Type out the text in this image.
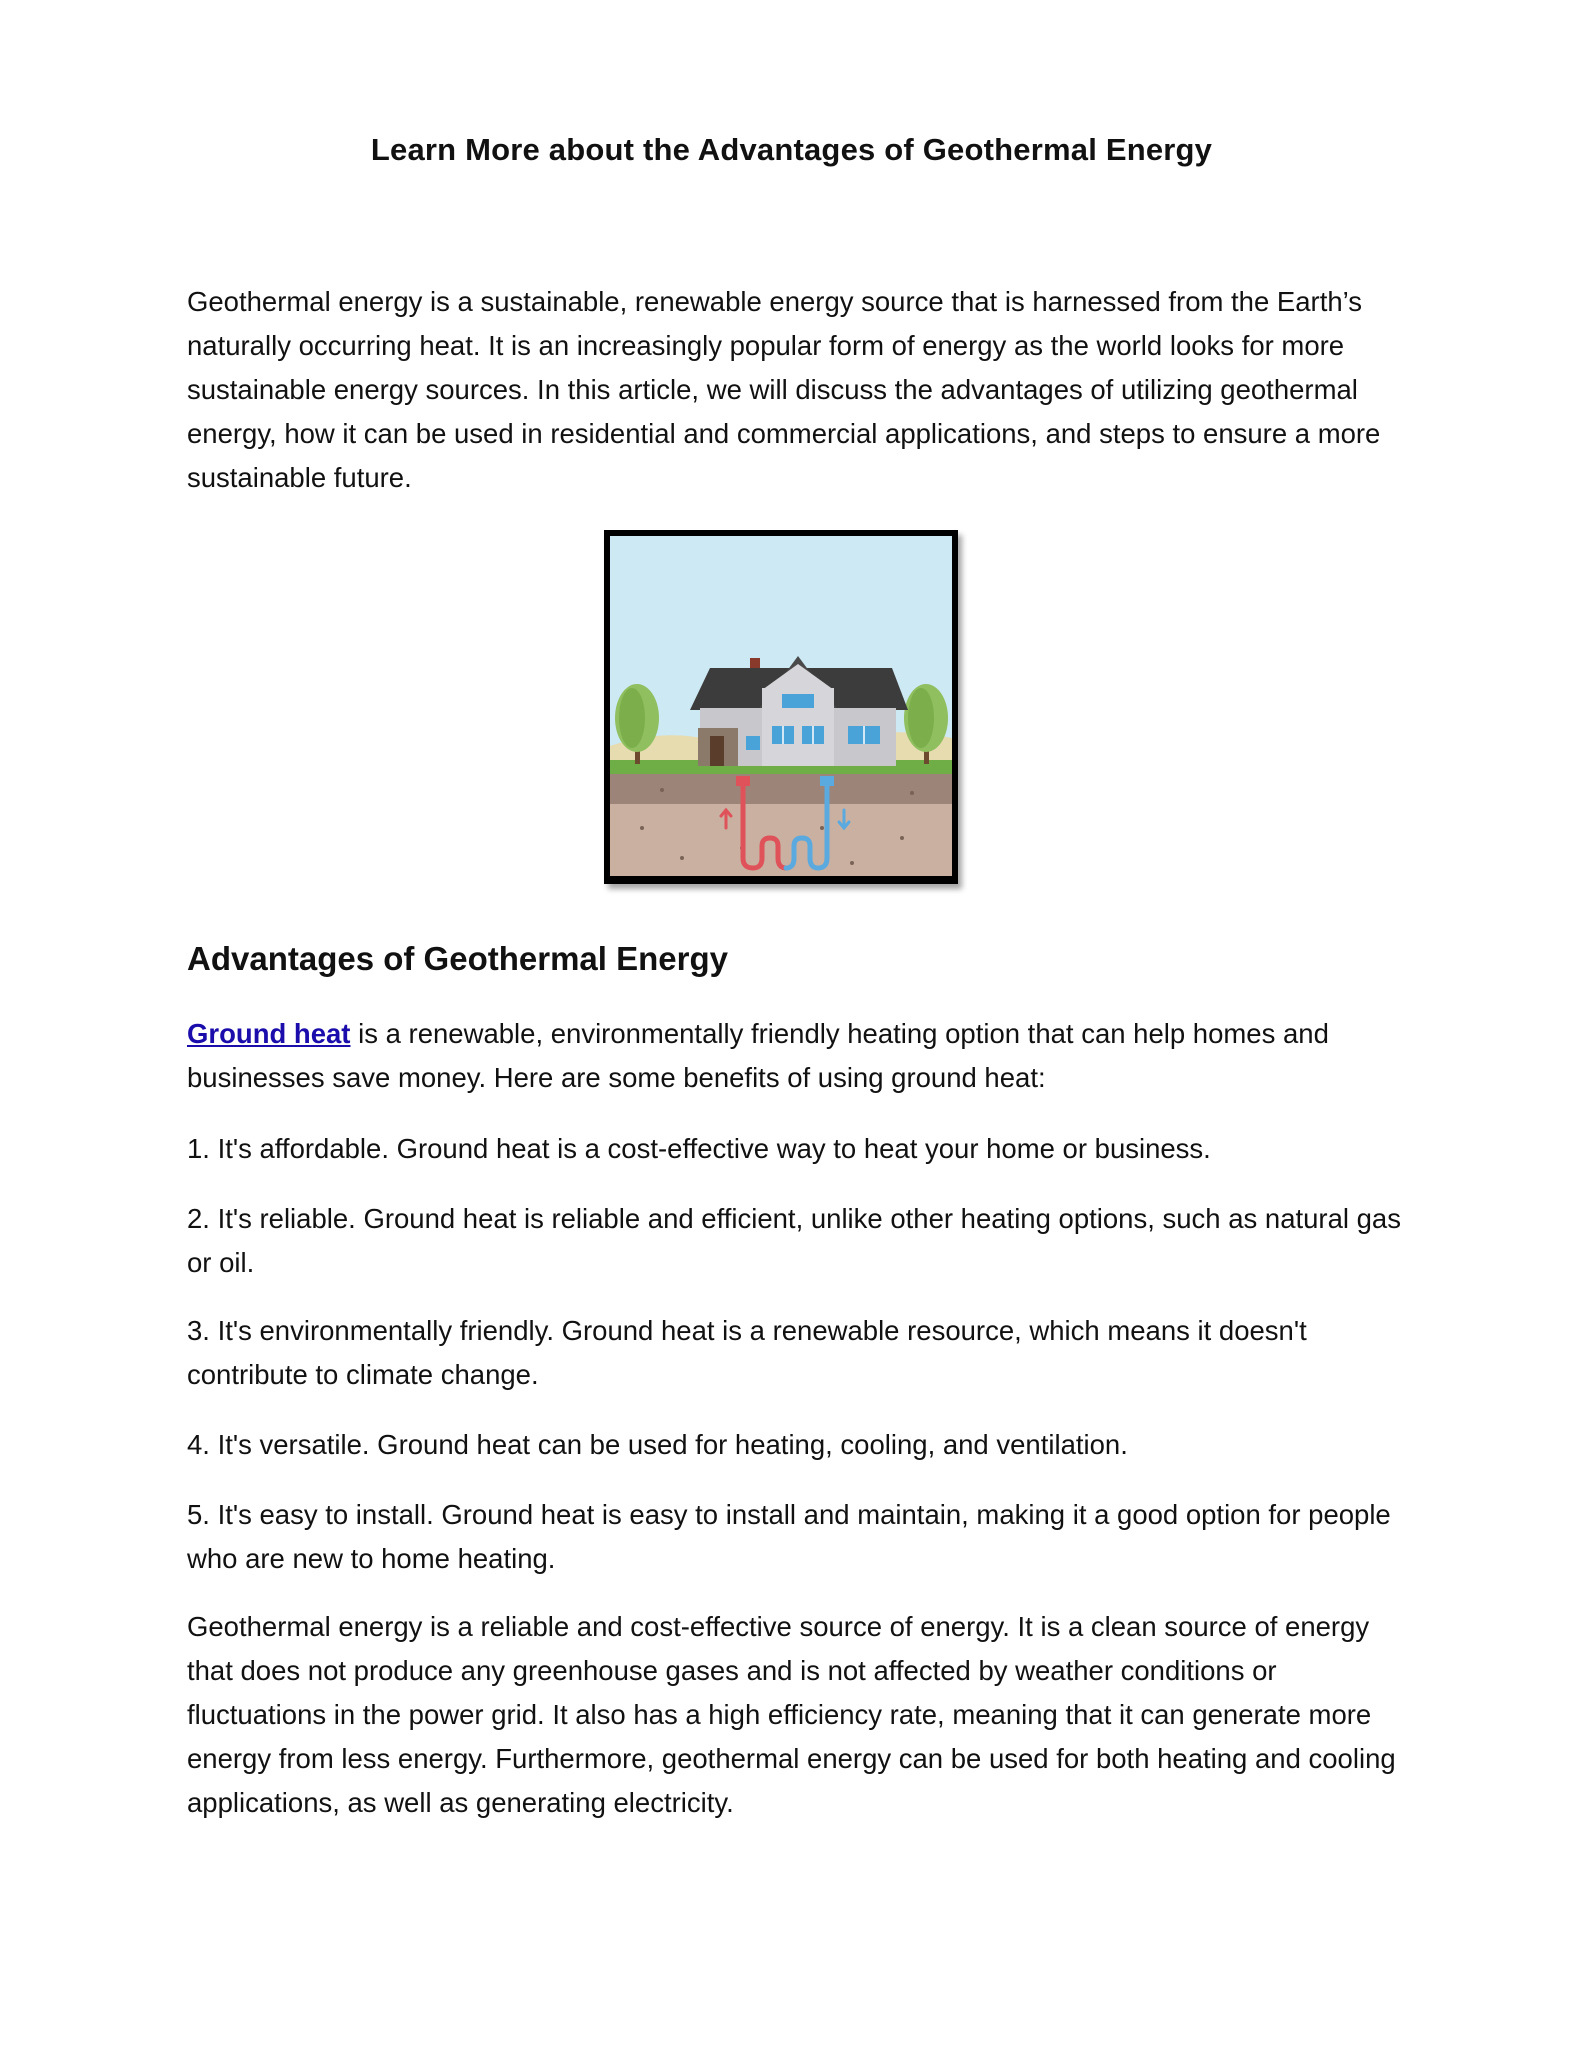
Learn More about the Advantages of Geothermal Energy

Geothermal energy is a sustainable, renewable energy source that is harnessed from the Earth’s naturally occurring heat. It is an increasingly popular form of energy as the world looks for more sustainable energy sources. In this article, we will discuss the advantages of utilizing geothermal energy, how it can be used in residential and commercial applications, and steps to ensure a more sustainable future.

Advantages of Geothermal Energy

Ground heat is a renewable, environmentally friendly heating option that can help homes and businesses save money. Here are some benefits of using ground heat:

1. It's affordable. Ground heat is a cost-effective way to heat your home or business.

2. It's reliable. Ground heat is reliable and efficient, unlike other heating options, such as natural gas or oil.

3. It's environmentally friendly. Ground heat is a renewable resource, which means it doesn't contribute to climate change.

4. It's versatile. Ground heat can be used for heating, cooling, and ventilation.

5. It's easy to install. Ground heat is easy to install and maintain, making it a good option for people who are new to home heating.

Geothermal energy is a reliable and cost-effective source of energy. It is a clean source of energy that does not produce any greenhouse gases and is not affected by weather conditions or fluctuations in the power grid. It also has a high efficiency rate, meaning that it can generate more energy from less energy. Furthermore, geothermal energy can be used for both heating and cooling applications, as well as generating electricity.
